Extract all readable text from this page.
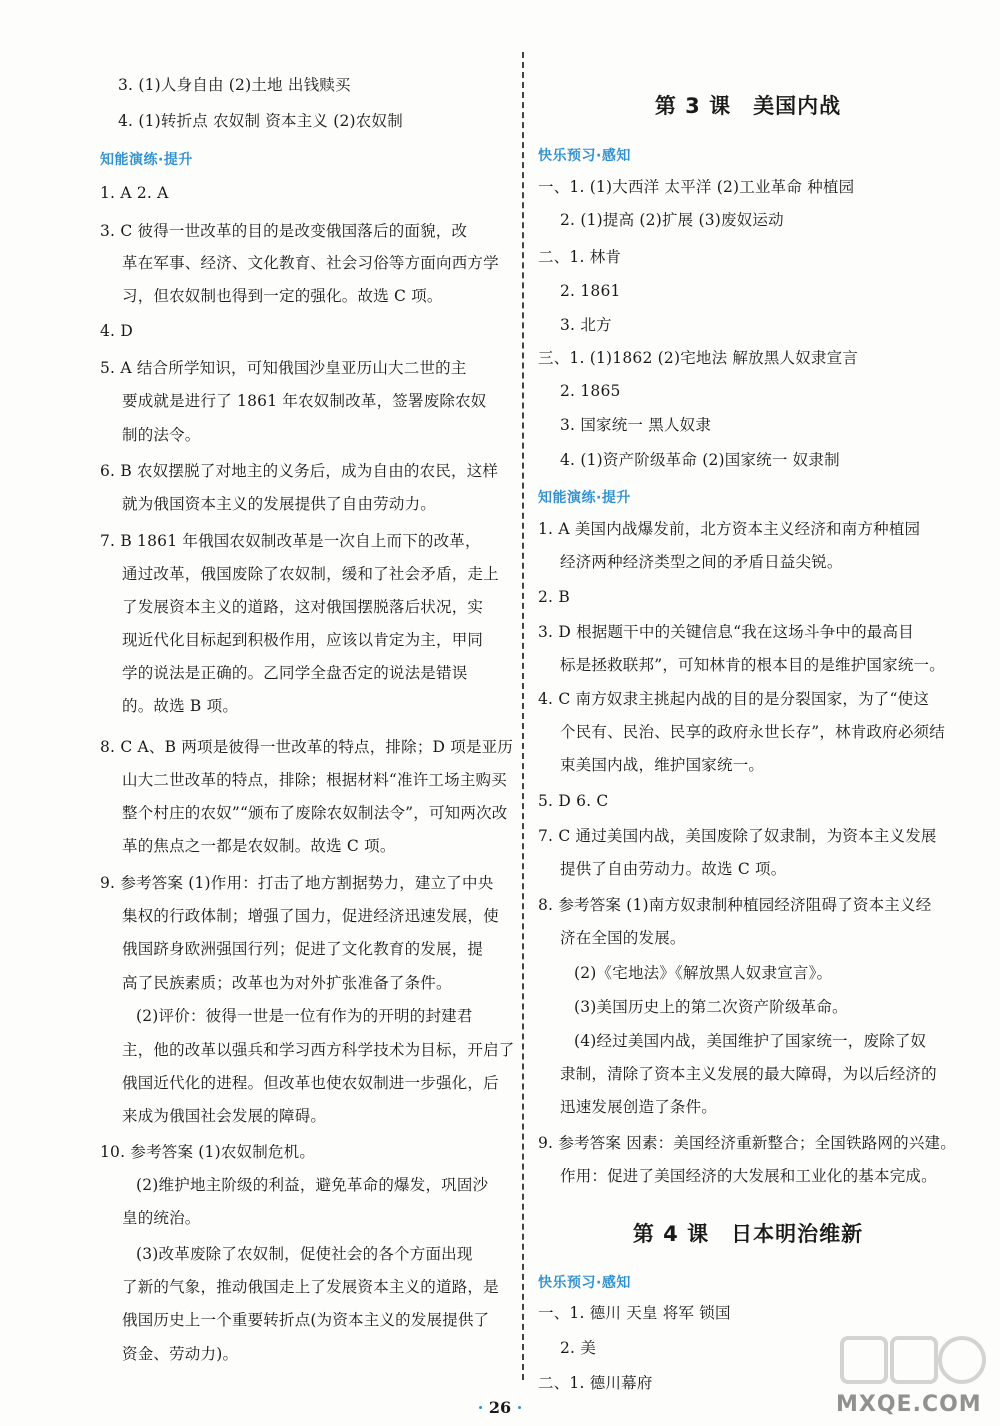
3. (1)人身自由 (2)土地 出钱赎买
4. (1)转折点 农奴制 资本主义 (2)农奴制
知能演练·提升
1. A 2. A
3. C 彼得一世改革的目的是改变俄国落后的面貌，改
革在军事、经济、文化教育、社会习俗等方面向西方学
习，但农奴制也得到一定的强化。故选 C 项。
4. D
5. A 结合所学知识，可知俄国沙皇亚历山大二世的主
要成就是进行了 1861 年农奴制改革，签署废除农奴
制的法令。
6. B 农奴摆脱了对地主的义务后，成为自由的农民，这样
就为俄国资本主义的发展提供了自由劳动力。
7. B 1861 年俄国农奴制改革是一次自上而下的改革，
通过改革，俄国废除了农奴制，缓和了社会矛盾，走上
了发展资本主义的道路，这对俄国摆脱落后状况，实
现近代化目标起到积极作用，应该以肯定为主，甲同
学的说法是正确的。乙同学全盘否定的说法是错误
的。故选 B 项。
8. C A、B 两项是彼得一世改革的特点，排除；D 项是亚历
山大二世改革的特点，排除；根据材料“准许工场主购买
整个村庄的农奴”“颁布了废除农奴制法令”，可知两次改
革的焦点之一都是农奴制。故选 C 项。
9. 参考答案 (1)作用：打击了地方割据势力，建立了中央
集权的行政体制；增强了国力，促进经济迅速发展，使
俄国跻身欧洲强国行列；促进了文化教育的发展，提
高了民族素质；改革也为对外扩张准备了条件。
(2)评价：彼得一世是一位有作为的开明的封建君
主，他的改革以强兵和学习西方科学技术为目标，开启了
俄国近代化的进程。但改革也使农奴制进一步强化，后
来成为俄国社会发展的障碍。
10. 参考答案 (1)农奴制危机。
(2)维护地主阶级的利益，避免革命的爆发，巩固沙
皇的统治。
(3)改革废除了农奴制，促使社会的各个方面出现
了新的气象，推动俄国走上了发展资本主义的道路，是
俄国历史上一个重要转折点(为资本主义的发展提供了
资金、劳动力)。
第 3 课　美国内战
快乐预习·感知
一、1. (1)大西洋 太平洋 (2)工业革命 种植园
2. (1)提高 (2)扩展 (3)废奴运动
二、1. 林肯
2. 1861
3. 北方
三、1. (1)1862 (2)宅地法 解放黑人奴隶宣言
2. 1865
3. 国家统一 黑人奴隶
4. (1)资产阶级革命 (2)国家统一 奴隶制
知能演练·提升
1. A 美国内战爆发前，北方资本主义经济和南方种植园
经济两种经济类型之间的矛盾日益尖锐。
2. B
3. D 根据题干中的关键信息“我在这场斗争中的最高目
标是拯救联邦”，可知林肯的根本目的是维护国家统一。
4. C 南方奴隶主挑起内战的目的是分裂国家，为了“使这
个民有、民治、民享的政府永世长存”，林肯政府必须结
束美国内战，维护国家统一。
5. D 6. C
7. C 通过美国内战，美国废除了奴隶制，为资本主义发展
提供了自由劳动力。故选 C 项。
8. 参考答案 (1)南方奴隶制种植园经济阻碍了资本主义经
济在全国的发展。
(2)《宅地法》《解放黑人奴隶宣言》。
(3)美国历史上的第二次资产阶级革命。
(4)经过美国内战，美国维护了国家统一，废除了奴
隶制，清除了资本主义发展的最大障碍，为以后经济的
迅速发展创造了条件。
9. 参考答案 因素：美国经济重新整合；全国铁路网的兴建。
作用：促进了美国经济的大发展和工业化的基本完成。
第 4 课　日本明治维新
快乐预习·感知
一、1. 德川 天皇 将军 锁国
2. 美
二、1. 德川幕府
MXQE.COM
· 26 ·
